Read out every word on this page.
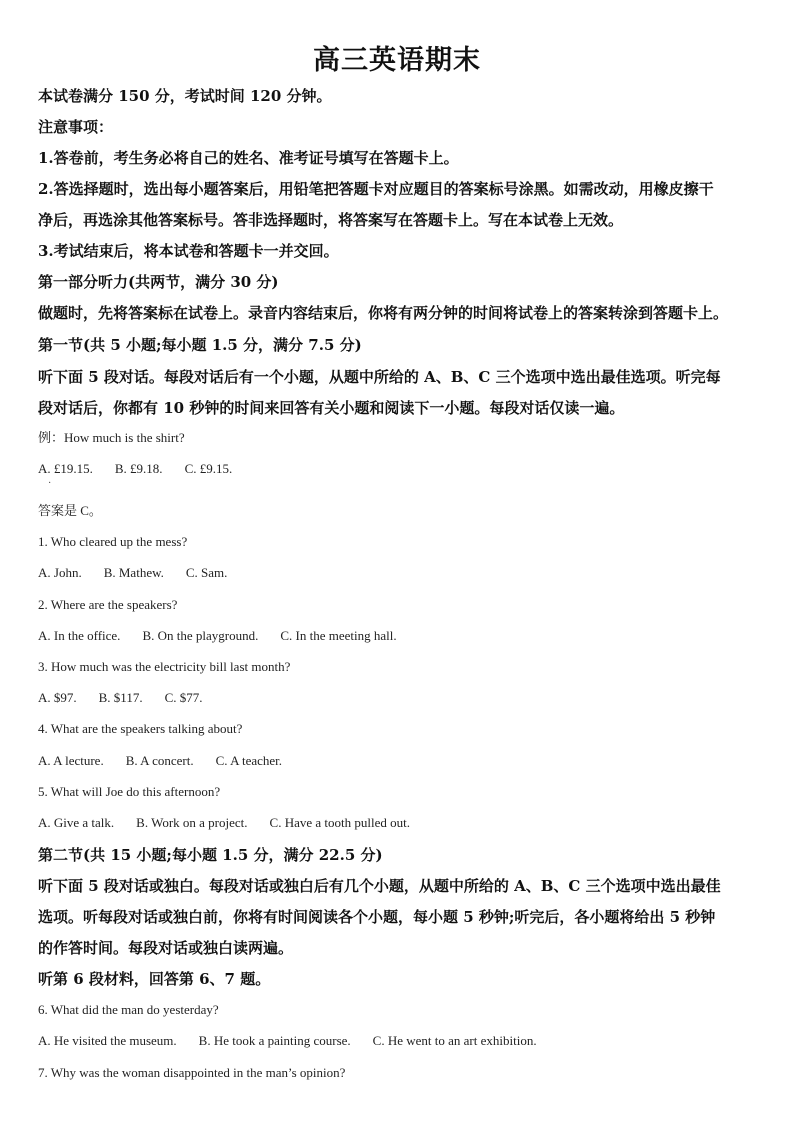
高三英语期末
本试卷满分 150 分，考试时间 120 分钟。
注意事项：
1.答卷前，考生务必将自己的姓名、准考证号填写在答题卡上。
2.答选择题时，选出每小题答案后，用铅笔把答题卡对应题目的答案标号涂黑。如需改动，用橡皮擦干
净后，再选涂其他答案标号。答非选择题时，将答案写在答题卡上。写在本试卷上无效。
3.考试结束后，将本试卷和答题卡一并交回。
第一部分听力(共两节，满分 30 分)
做题时，先将答案标在试卷上。录音内容结束后，你将有两分钟的时间将试卷上的答案转涂到答题卡上。
第一节(共 5 小题;每小题 1.5 分，满分 7.5 分)
听下面 5 段对话。每段对话后有一个小题，从题中所给的 A、B、C 三个选项中选出最佳选项。听完每
段对话后，你都有 10 秒钟的时间来回答有关小题和阅读下一小题。每段对话仅读一遍。
例：How much is the shirt?
A. £19.15. B. £9.18. C. £9.15.
·
答案是 C。
1. Who cleared up the mess?
A. John. B. Mathew. C. Sam.
2. Where are the speakers?
A. In the office. B. On the playground. C. In the meeting hall.
3. How much was the electricity bill last month?
A. $97. B. $117. C. $77.
4. What are the speakers talking about?
A. A lecture. B. A concert. C. A teacher.
5. What will Joe do this afternoon?
A. Give a talk. B. Work on a project. C. Have a tooth pulled out.
第二节(共 15 小题;每小题 1.5 分，满分 22.5 分)
听下面 5 段对话或独白。每段对话或独白后有几个小题，从题中所给的 A、B、C 三个选项中选出最佳
选项。听每段对话或独白前，你将有时间阅读各个小题，每小题 5 秒钟;听完后，各小题将给出 5 秒钟
的作答时间。每段对话或独白读两遍。
听第 6 段材料，回答第 6、7 题。
6. What did the man do yesterday?
A. He visited the museum. B. He took a painting course. C. He went to an art exhibition.
7. Why was the woman disappointed in the man’s opinion?
